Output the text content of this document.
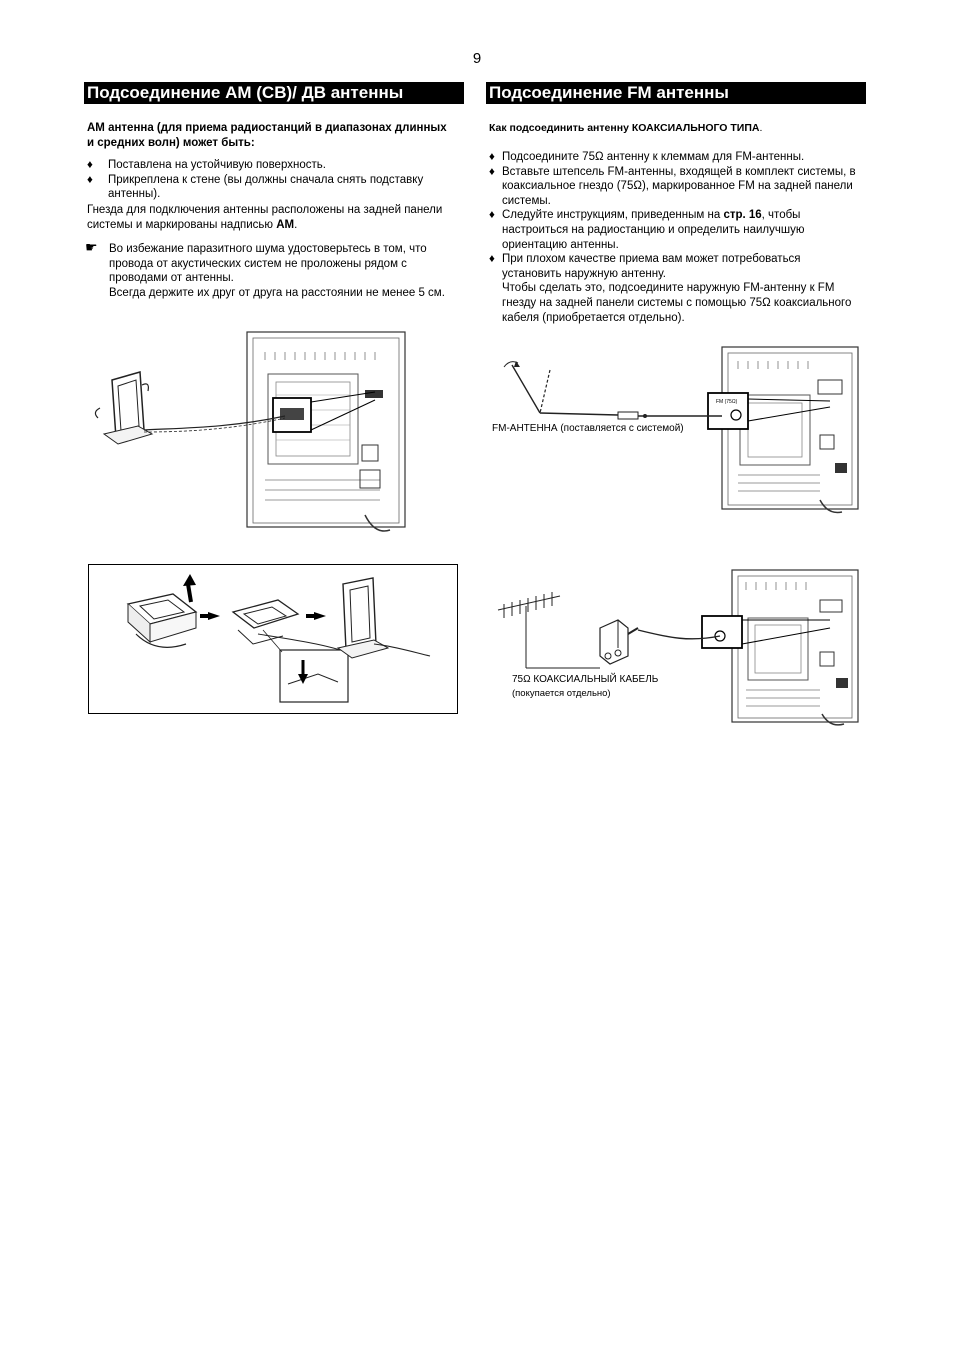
9
Подсоединение AM (СВ)/ ДВ антенны
AM антенна (для приема радиостанций в диапазонах длинных и средних волн) может быть:
♦ Поставлена на устойчивую поверхность.
♦ Прикреплена к стене (вы должны сначала снять подставку антенны).
Гнезда для подключения антенны расположены на задней панели системы и маркированы надписью AM.
☛ Во избежание паразитного шума удостоверьтесь в том, что провода от акустических систем не проложены рядом с проводами от антенны.
Всегда держите их друг от друга на расстоянии не менее 5 см.
Подсоединение FM антенны
Как подсоединить антенну КОАКСИАЛЬНОГО ТИПА.
♦ Подсоедините 75Ω антенну к клеммам для FM-антенны.
♦ Вставьте штепсель FM-антенны, входящей в комплект системы, в коаксиальное гнездо (75Ω), маркированное FM на задней панели системы.
♦ Следуйте инструкциям, приведенным на стр. 16, чтобы настроиться на радиостанцию и определить наилучшую ориентацию антенны.
♦ При плохом качестве приема вам может потребоваться установить наружную антенну.
Чтобы сделать это, подсоедините наружную FM-антенну к FM гнезду на задней панели системы с помощью 75Ω коаксиального кабеля (приобретается отдельно).
FM (75Ω)
FM-АНТЕННА (поставляется с системой)
75Ω КОАКСИАЛЬНЫЙ КАБЕЛЬ
(покупается отдельно)
